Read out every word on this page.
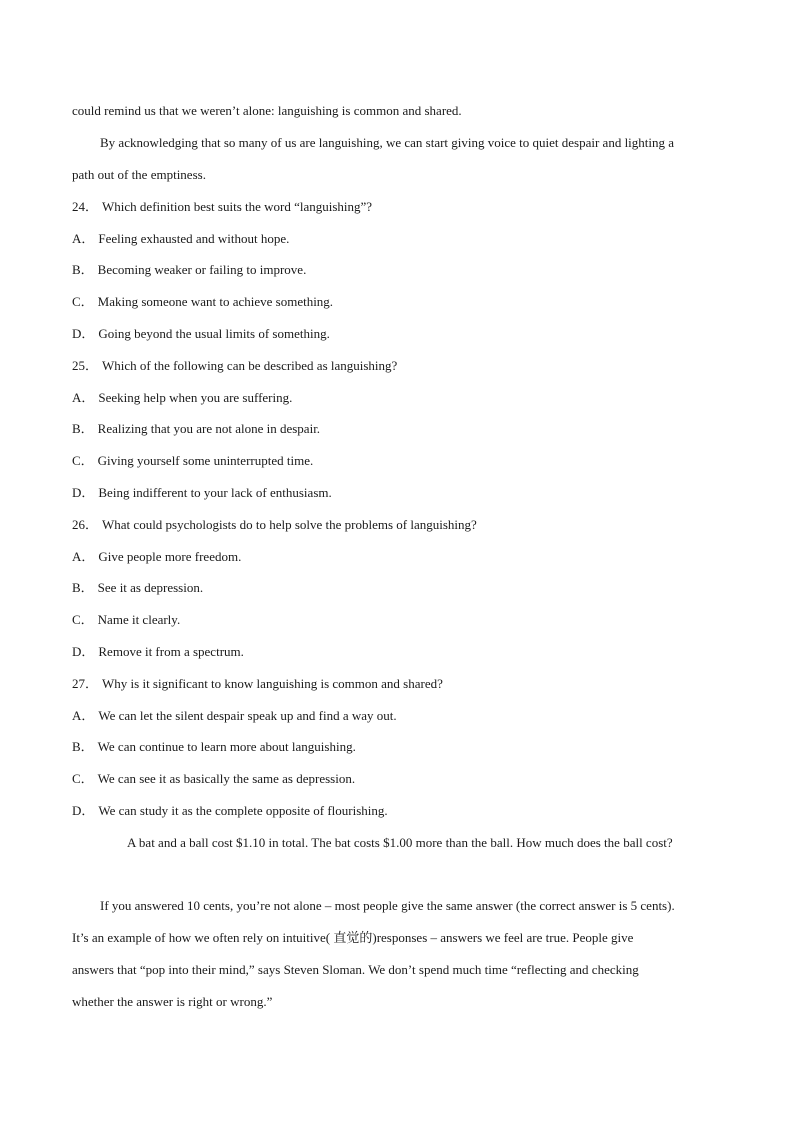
could remind us that we weren’t alone: languishing is common and shared.
By acknowledging that so many of us are languishing, we can start giving voice to quiet despair and lighting a
path out of the emptiness.
24． Which definition best suits the word “languishing”?
A． Feeling exhausted and without hope.
B． Becoming weaker or failing to improve.
C． Making someone want to achieve something.
D． Going beyond the usual limits of something.
25． Which of the following can be described as languishing?
A． Seeking help when you are suffering.
B． Realizing that you are not alone in despair.
C． Giving yourself some uninterrupted time.
D． Being indifferent to your lack of enthusiasm.
26． What could psychologists do to help solve the problems of languishing?
A． Give people more freedom.
B． See it as depression.
C． Name it clearly.
D． Remove it from a spectrum.
27． Why is it significant to know languishing is common and shared?
A． We can let the silent despair speak up and find a way out.
B． We can continue to learn more about languishing.
C． We can see it as basically the same as depression.
D． We can study it as the complete opposite of flourishing.
A bat and a ball cost $1.10 in total. The bat costs $1.00 more than the ball. How much does the ball cost?
If you answered 10 cents, you’re not alone – most people give the same answer (the correct answer is 5 cents).
It’s an example of how we often rely on intuitive( 直觉的)responses – answers we feel are true. People give
answers that “pop into their mind,” says Steven Sloman. We don’t spend much time “reflecting and checking
whether the answer is right or wrong.”
